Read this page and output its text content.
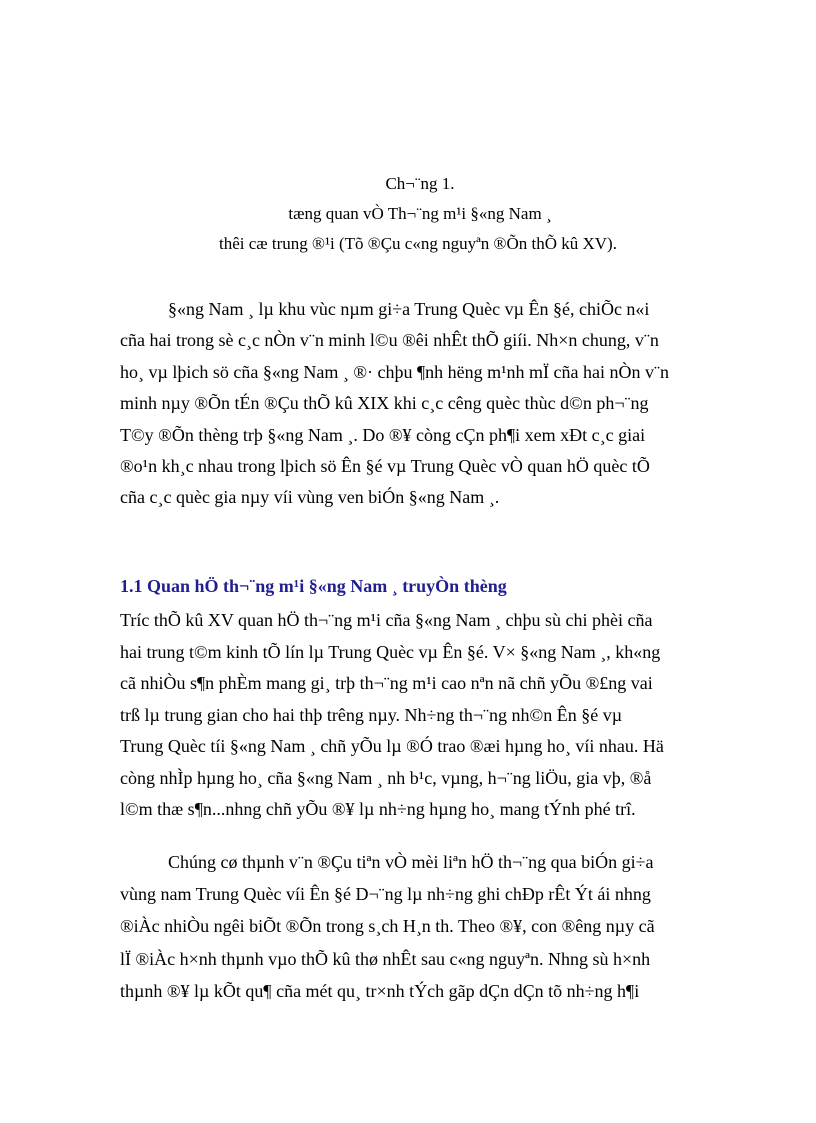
Ch¬¨ng 1.
tæng quan vÒ Th¬¨ng m¹i §«ng Nam ¸
thêi cæ trung ®¹i (Tõ ®Çu c«ng nguyªn ®Õn thÕ kû XV).
§«ng Nam ¸ lµ khu vùc nµm gi÷a Trung Quèc vµ Ên §é, chiÕc n«i
cña hai trong sè c¸c nÒn v¨n minh l©u ®êi nhÊt thÕ giíi. Nh×n chung, v¨n
ho¸ vµ lþich sö cña §«ng Nam ¸ ®· chþu ¶nh hëng m¹nh mÏ cña hai nÒn v¨n
minh nµy ®Õn tÉn ®Çu thÕ kû XIX khi c¸c cêng quèc thùc d©n ph¬¨ng
T©y ®Õn thèng trþ §«ng Nam ¸. Do ®¥ còng cÇn ph¶i xem xÐt c¸c giai
®o¹n kh¸c nhau trong lþich sö Ên §é vµ Trung Quèc vÒ quan hÖ quèc tÕ
cña c¸c quèc gia nµy víi vùng ven biÓn §«ng Nam ¸.
1.1 Quan hÖ th¬¨ng m¹i §«ng Nam ¸ truyÒn thèng
Tríc thÕ kû XV quan hÖ th¬¨ng m¹i cña §«ng Nam ¸ chþu sù chi phèi cña
hai trung t©m kinh tÕ lín lµ Trung Quèc vµ Ên §é. V× §«ng Nam ¸, kh«ng
cã nhiÒu s¶n phÈm mang gi¸ trþ th¬¨ng m¹i cao nªn nã chñ yÕu ®£ng vai
trß lµ trung gian cho hai thþ trêng nµy. Nh÷ng th¬¨ng nh©n Ên §é vµ
Trung Quèc tíi §«ng Nam ¸ chñ yÕu lµ ®Ó trao ®æi hµng ho¸ víi nhau. Hä
còng nhÌp hµng ho¸ cña §«ng Nam ¸ nh b¹c, vµng, h¬¨ng liÖu, gia vþ, ®å
l©m thæ s¶n...nhng chñ yÕu ®¥ lµ nh÷ng hµng ho¸ mang tÝnh phé trî.
Chúng cø thµnh v¨n ®Çu tiªn vÒ mèi liªn hÖ th¬¨ng qua biÓn gi÷a
vùng nam Trung Quèc víi Ên §é D¬¨ng lµ nh÷ng ghi chÐp rÊt Ýt ái nhng
®iÀc nhiÒu ngêi biÕt ®Õn trong s¸ch H¸n th. Theo ®¥, con ®êng nµy cã
lÏ ®iÀc h×nh thµnh vµo thÕ kû thø nhÊt sau c«ng nguyªn. Nhng sù h×nh
thµnh ®¥ lµ kÕt qu¶ cña mét qu¸ tr×nh tÝch gãp dÇn dÇn tõ nh÷ng h¶i
